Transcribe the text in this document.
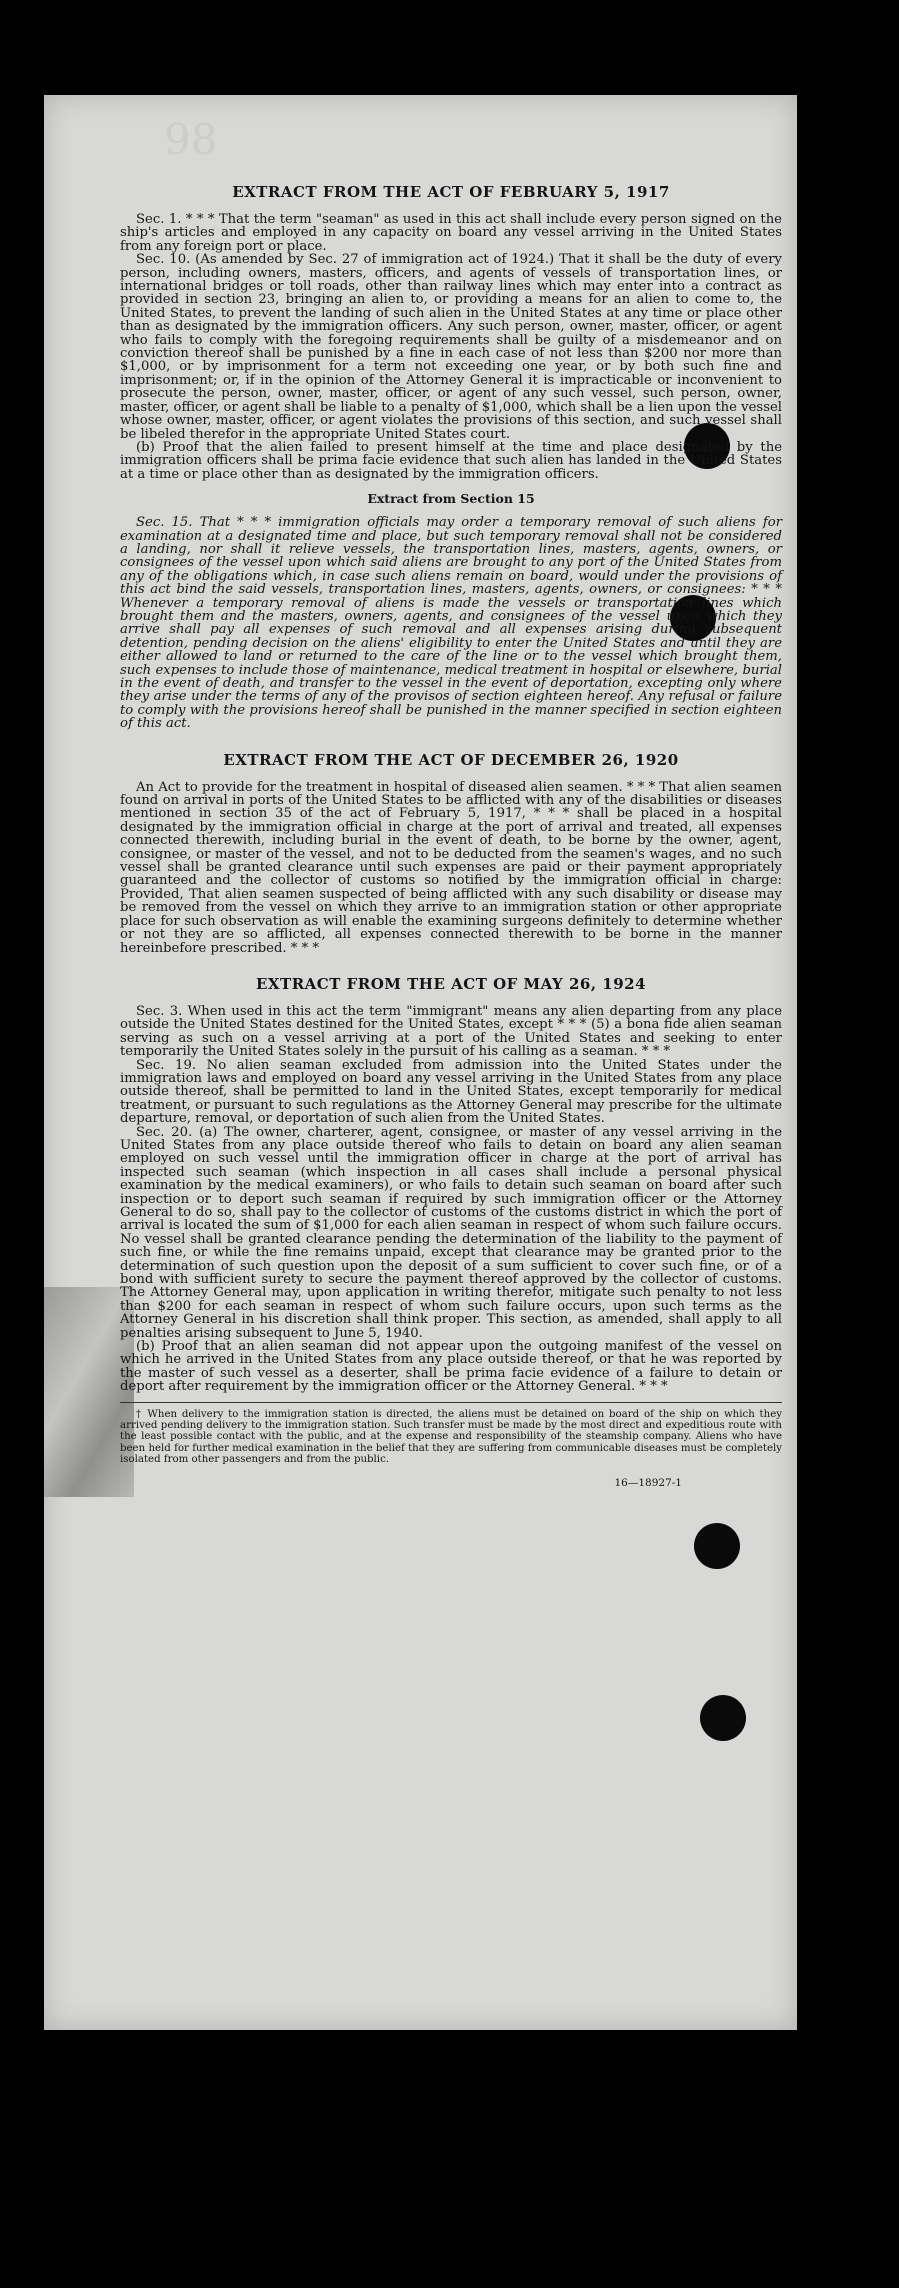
98
EXTRACT FROM THE ACT OF FEBRUARY 5, 1917

Sec. 1. * * * That the term "seaman" as used in this act shall include every person signed on the ship's articles and employed in any capacity on board any vessel arriving in the United States from any foreign port or place.

Sec. 10. (As amended by Sec. 27 of immigration act of 1924.) That it shall be the duty of every person, including owners, masters, officers, and agents of vessels of transportation lines, or international bridges or toll roads, other than railway lines which may enter into a contract as provided in section 23, bringing an alien to, or providing a means for an alien to come to, the United States, to prevent the landing of such alien in the United States at any time or place other than as designated by the immigration officers. Any such person, owner, master, officer, or agent who fails to comply with the foregoing requirements shall be guilty of a misdemeanor and on conviction thereof shall be punished by a fine in each case of not less than $200 nor more than $1,000, or by imprisonment for a term not exceeding one year, or by both such fine and imprisonment; or, if in the opinion of the Attorney General it is impracticable or inconvenient to prosecute the person, owner, master, officer, or agent of any such vessel, such person, owner, master, officer, or agent shall be liable to a penalty of $1,000, which shall be a lien upon the vessel whose owner, master, officer, or agent violates the provisions of this section, and such vessel shall be libeled therefor in the appropriate United States court.

(b) Proof that the alien failed to present himself at the time and place designated by the immigration officers shall be prima facie evidence that such alien has landed in the United States at a time or place other than as designated by the immigration officers.

Extract from Section 15

Sec. 15. That * * * immigration officials may order a temporary removal of such aliens for examination at a designated time and place, but such temporary removal shall not be considered a landing, nor shall it relieve vessels, the transportation lines, masters, agents, owners, or consignees of the vessel upon which said aliens are brought to any port of the United States from any of the obligations which, in case such aliens remain on board, would under the provisions of this act bind the said vessels, transportation lines, masters, agents, owners, or consignees: * * * Whenever a temporary removal of aliens is made the vessels or transportation lines which brought them and the masters, owners, agents, and consignees of the vessel upon which they arrive shall pay all expenses of such removal and all expenses arising during subsequent detention, pending decision on the aliens' eligibility to enter the United States and until they are either allowed to land or returned to the care of the line or to the vessel which brought them, such expenses to include those of maintenance, medical treatment in hospital or elsewhere, burial in the event of death, and transfer to the vessel in the event of deportation, excepting only where they arise under the terms of any of the provisos of section eighteen hereof. Any refusal or failure to comply with the provisions hereof shall be punished in the manner specified in section eighteen of this act.

EXTRACT FROM THE ACT OF DECEMBER 26, 1920

An Act to provide for the treatment in hospital of diseased alien seamen. * * * That alien seamen found on arrival in ports of the United States to be afflicted with any of the disabilities or diseases mentioned in section 35 of the act of February 5, 1917, * * * shall be placed in a hospital designated by the immigration official in charge at the port of arrival and treated, all expenses connected therewith, including burial in the event of death, to be borne by the owner, agent, consignee, or master of the vessel, and not to be deducted from the seamen's wages, and no such vessel shall be granted clearance until such expenses are paid or their payment appropriately guaranteed and the collector of customs so notified by the immigration official in charge: Provided, That alien seamen suspected of being afflicted with any such disability or disease may be removed from the vessel on which they arrive to an immigration station or other appropriate place for such observation as will enable the examining surgeons definitely to determine whether or not they are so afflicted, all expenses connected therewith to be borne in the manner hereinbefore prescribed. * * *

EXTRACT FROM THE ACT OF MAY 26, 1924

Sec. 3. When used in this act the term "immigrant" means any alien departing from any place outside the United States destined for the United States, except * * * (5) a bona fide alien seaman serving as such on a vessel arriving at a port of the United States and seeking to enter temporarily the United States solely in the pursuit of his calling as a seaman. * * *

Sec. 19. No alien seaman excluded from admission into the United States under the immigration laws and employed on board any vessel arriving in the United States from any place outside thereof, shall be permitted to land in the United States, except temporarily for medical treatment, or pursuant to such regulations as the Attorney General may prescribe for the ultimate departure, removal, or deportation of such alien from the United States.

Sec. 20. (a) The owner, charterer, agent, consignee, or master of any vessel arriving in the United States from any place outside thereof who fails to detain on board any alien seaman employed on such vessel until the immigration officer in charge at the port of arrival has inspected such seaman (which inspection in all cases shall include a personal physical examination by the medical examiners), or who fails to detain such seaman on board after such inspection or to deport such seaman if required by such immigration officer or the Attorney General to do so, shall pay to the collector of customs of the customs district in which the port of arrival is located the sum of $1,000 for each alien seaman in respect of whom such failure occurs. No vessel shall be granted clearance pending the determination of the liability to the payment of such fine, or while the fine remains unpaid, except that clearance may be granted prior to the determination of such question upon the deposit of a sum sufficient to cover such fine, or of a bond with sufficient surety to secure the payment thereof approved by the collector of customs. The Attorney General may, upon application in writing therefor, mitigate such penalty to not less than $200 for each seaman in respect of whom such failure occurs, upon such terms as the Attorney General in his discretion shall think proper. This section, as amended, shall apply to all penalties arising subsequent to June 5, 1940.

(b) Proof that an alien seaman did not appear upon the outgoing manifest of the vessel on which he arrived in the United States from any place outside thereof, or that he was reported by the master of such vessel as a deserter, shall be prima facie evidence of a failure to detain or deport after requirement by the immigration officer or the Attorney General. * * *

† When delivery to the immigration station is directed, the aliens must be detained on board of the ship on which they arrived pending delivery to the immigration station. Such transfer must be made by the most direct and expeditious route with the least possible contact with the public, and at the expense and responsibility of the steamship company. Aliens who have been held for further medical examination in the belief that they are suffering from communicable diseases must be completely isolated from other passengers and from the public.

16—18927-1
